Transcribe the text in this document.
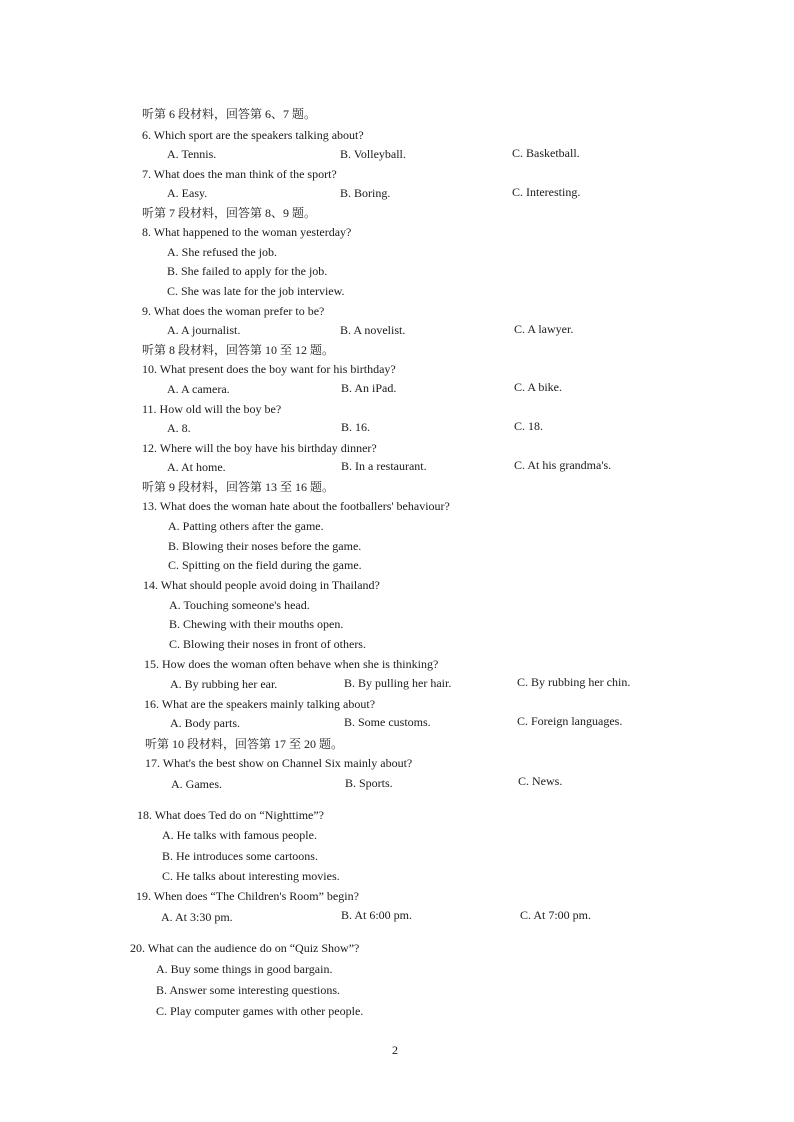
听第 6 段材料，回答第 6、7 题。
6. Which sport are the speakers talking about?
A. Tennis.	B. Volleyball.	C. Basketball.
7. What does the man think of the sport?
A. Easy.	B. Boring.	C. Interesting.
听第 7 段材料，回答第 8、9 题。
8. What happened to the woman yesterday?
A. She refused the job.
B. She failed to apply for the job.
C. She was late for the job interview.
9. What does the woman prefer to be?
A. A journalist.	B. A novelist.	C. A lawyer.
听第 8 段材料，回答第 10 至 12 题。
10. What present does the boy want for his birthday?
A. A camera.	B. An iPad.	C. A bike.
11. How old will the boy be?
A. 8.	B. 16.	C. 18.
12. Where will the boy have his birthday dinner?
A. At home.	B. In a restaurant.	C. At his grandma's.
听第 9 段材料，回答第 13 至 16 题。
13. What does the woman hate about the footballers' behaviour?
A. Patting others after the game.
B. Blowing their noses before the game.
C. Spitting on the field during the game.
14. What should people avoid doing in Thailand?
A. Touching someone's head.
B. Chewing with their mouths open.
C. Blowing their noses in front of others.
15. How does the woman often behave when she is thinking?
A. By rubbing her ear.	B. By pulling her hair.	C. By rubbing her chin.
16. What are the speakers mainly talking about?
A. Body parts.	B. Some customs.	C. Foreign languages.
听第 10 段材料，回答第 17 至 20 题。
17. What's the best show on Channel Six mainly about?
A. Games.	B. Sports.	C. News.
18. What does Ted do on “Nighttime”?
A. He talks with famous people.
B. He introduces some cartoons.
C. He talks about interesting movies.
19. When does “The Children's Room” begin?
A. At 3:30 pm.	B. At 6:00 pm.	C. At 7:00 pm.
20. What can the audience do on “Quiz Show”?
A. Buy some things in good bargain.
B. Answer some interesting questions.
C. Play computer games with other people.
2
